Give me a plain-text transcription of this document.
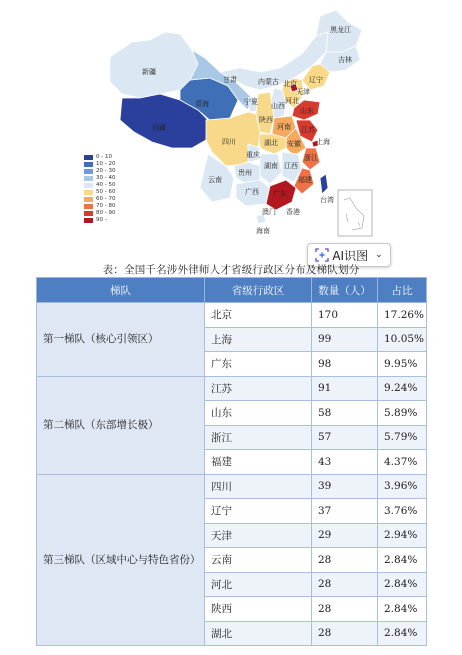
新疆
西藏
青海
甘肃	内蒙古
黑龙江
吉林
辽宁
北京
天津
河北
山西
山东
宁夏
陕西
河南 江苏
上海
安徽
四川	湖北
重庆	浙江
贵州
湖南 江西
福建
云南
广西 广东
台湾
海南
澳门 香港
0 - 10
10 - 20
20 - 30
30 - 40
40 - 50
50 - 60
60 - 70
70 - 80
80 - 90
90 -
AI识图 ⌄
表：全国千名涉外律师人才省级行政区分布及梯队划分
梯队	省级行政区	数量（人）	占比
第一梯队（核心引领区）	北京	170	17.26%
	上海	99	10.05%
	广东	98	9.95%
第二梯队（东部增长极）	江苏	91	9.24%
	山东	58	5.89%
	浙江	57	5.79%
	福建	43	4.37%
第三梯队（区域中心与特色省份）	四川	39	3.96%
	辽宁	37	3.76%
	天津	29	2.94%
	云南	28	2.84%
	河北	28	2.84%
	陕西	28	2.84%
	湖北	28	2.84%
